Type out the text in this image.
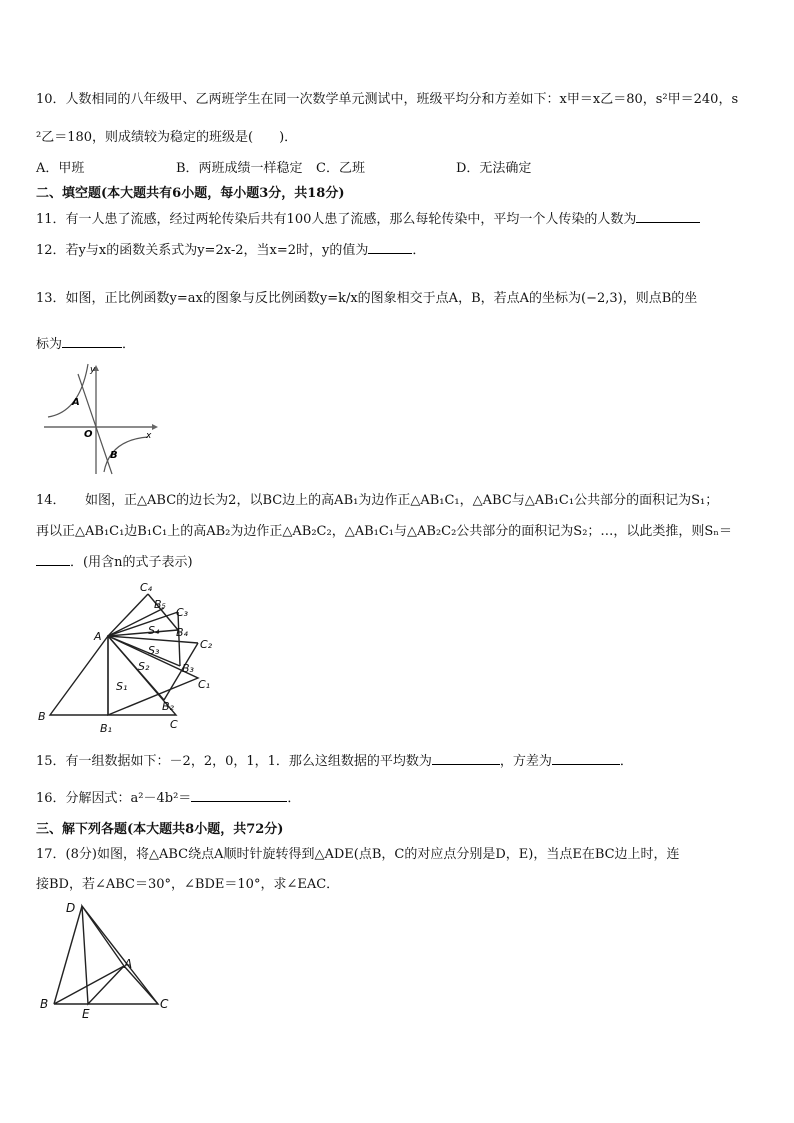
10．人数相同的八年级甲、乙两班学生在同一次数学单元测试中，班级平均分和方差如下：x甲＝x乙＝80，s²甲＝240，s
²乙＝180，则成绩较为稳定的班级是(　　)．
A．甲班	B．两班成绩一样稳定 C．乙班	D．无法确定
二、填空题(本大题共有6小题，每小题3分，共18分)
11．有一人患了流感，经过两轮传染后共有100人患了流感，那么每轮传染中，平均一个人传染的人数为
12．若y与x的函数关系式为y=2x-2，当x=2时，y的值为	．
13．如图，正比例函数y=ax的图象与反比例函数y=k/x的图象相交于点A，B，若点A的坐标为(−2,3)，则点B的坐
标为	．
y
x
O
A
B
14．　　如图，正△ABC的边长为2，以BC边上的高AB₁为边作正△AB₁C₁，△ABC与△AB₁C₁公共部分的面积记为S₁；
再以正△AB₁C₁边B₁C₁上的高AB₂为边作正△AB₂C₂，△AB₁C₁与△AB₂C₂公共部分的面积记为S₂；…，以此类推，则Sₙ＝
．(用含n的式子表示)
A
B
C
B₁
B₂
B₃
B₄
B₅
C₁
C₂
C₃
C₄
S₁
S₂
S₃
S₄
15．有一组数据如下：－2，2，0，1，1．那么这组数据的平均数为	，方差为	．
16．分解因式：a²－4b²＝	．
三、解下列各题(本大题共8小题，共72分)
17．(8分)如图，将△ABC绕点A顺时针旋转得到△ADE(点B，C的对应点分别是D，E)，当点E在BC边上时，连
接BD，若∠ABC＝30°，∠BDE＝10°，求∠EAC．
D
A
B
E
C
